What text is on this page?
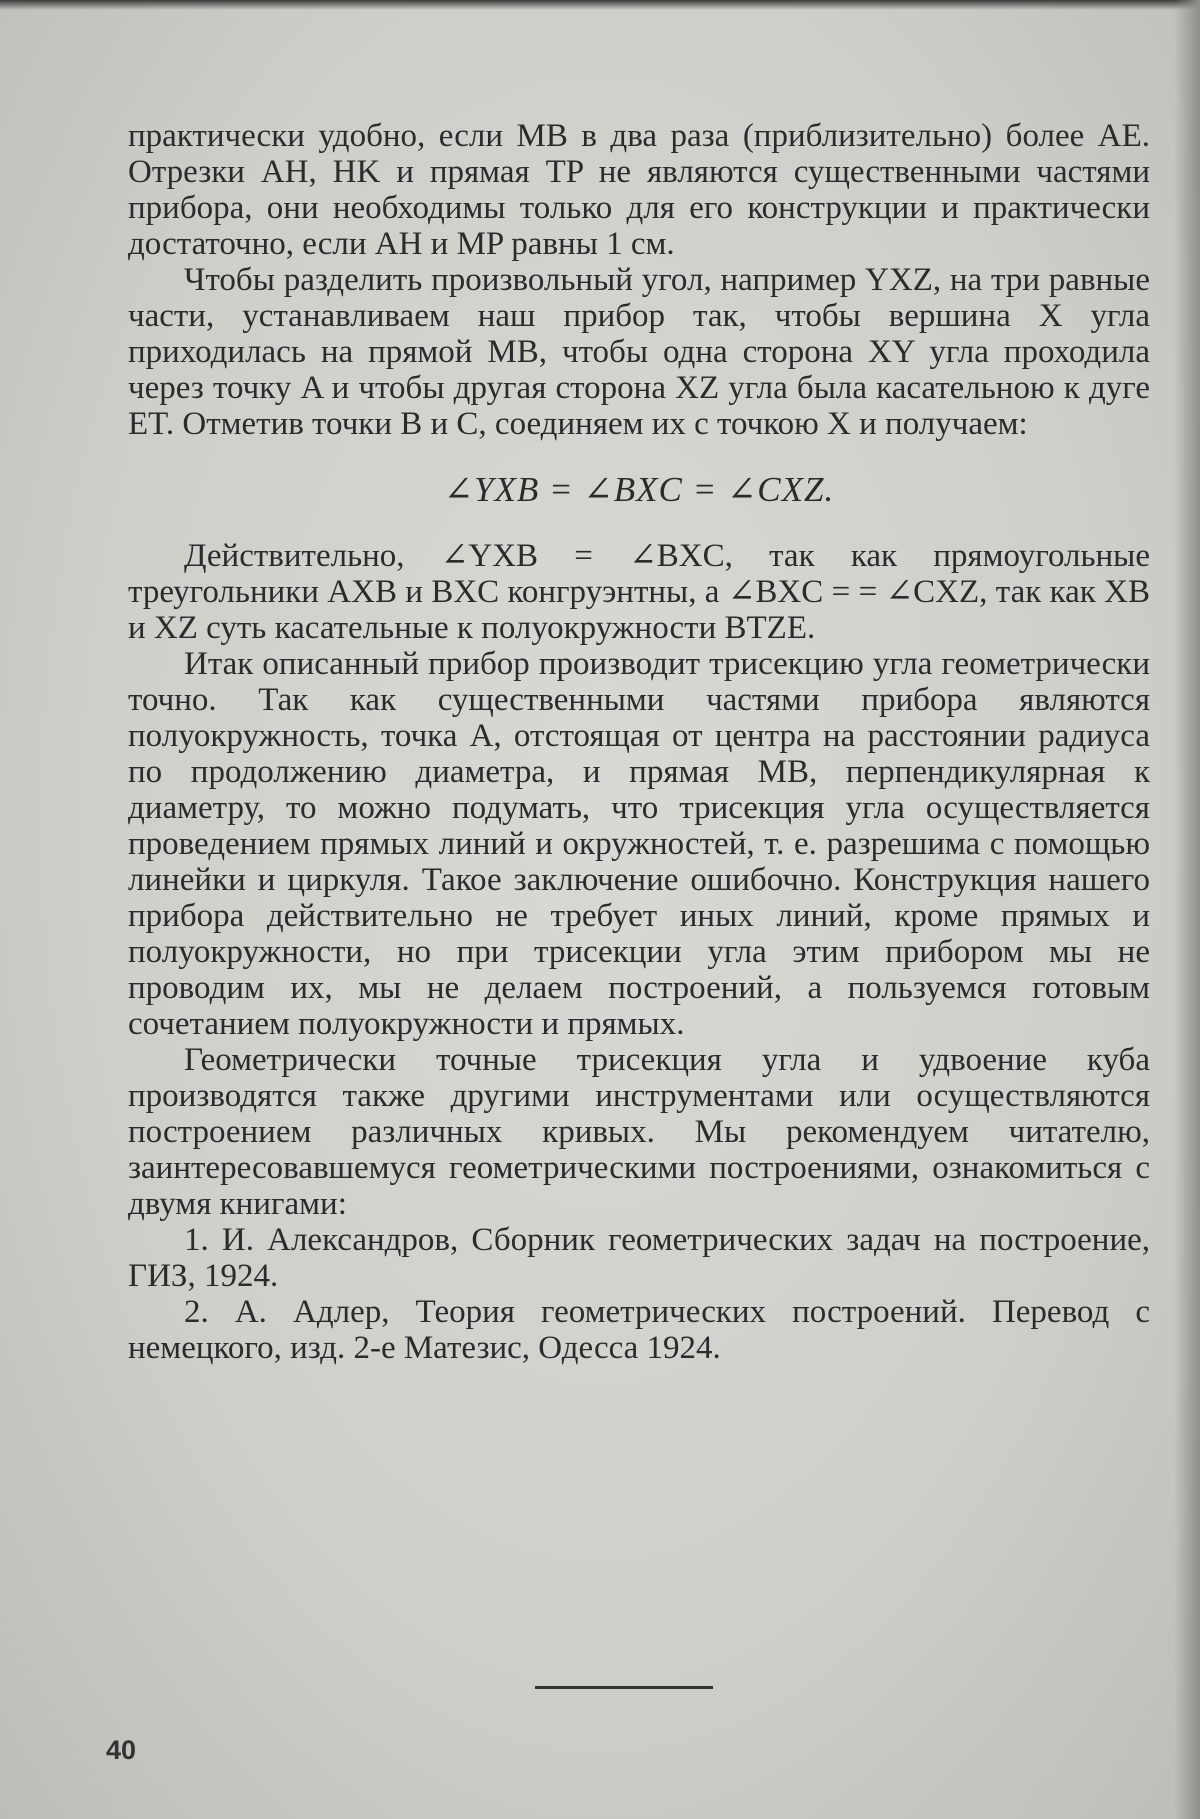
практически удобно, если MB в два раза (приблизительно) более AE. Отрезки AH, HK и прямая TP не являются существенными частями прибора, они необходимы только для его конструкции и практически достаточно, если AH и MP равны 1 см.

Чтобы разделить произвольный угол, например YXZ, на три равные части, устанавливаем наш прибор так, чтобы вершина X угла приходилась на прямой MB, чтобы одна сторона XY угла проходила через точку A и чтобы другая сторона XZ угла была касательною к дуге ET. Отметив точки B и C, соединяем их с точкою X и получаем:

∠YXB = ∠BXC = ∠CXZ.

Действительно, ∠YXB = ∠BXC, так как прямоугольные треугольники AXB и BXC конгруэнтны, а ∠BXC = = ∠CXZ, так как XB и XZ суть касательные к полуокружности BTZE.

Итак описанный прибор производит трисекцию угла геометрически точно. Так как существенными частями прибора являются полуокружность, точка A, отстоящая от центра на расстоянии радиуса по продолжению диаметра, и прямая MB, перпендикулярная к диаметру, то можно подумать, что трисекция угла осуществляется проведением прямых линий и окружностей, т. е. разрешима с помощью линейки и циркуля. Такое заключение ошибочно. Конструкция нашего прибора действительно не требует иных линий, кроме прямых и полуокружности, но при трисекции угла этим прибором мы не проводим их, мы не делаем построений, а пользуемся готовым сочетанием полуокружности и прямых.

Геометрически точные трисекция угла и удвоение куба производятся также другими инструментами или осуществляются построением различных кривых. Мы рекомендуем читателю, заинтересовавшемуся геометрическими построениями, ознакомиться с двумя книгами:

1. И. Александров, Сборник геометрических задач на построение, ГИЗ, 1924.

2. А. Адлер, Теория геометрических построений. Перевод с немецкого, изд. 2-е Матезис, Одесса 1924.

40
